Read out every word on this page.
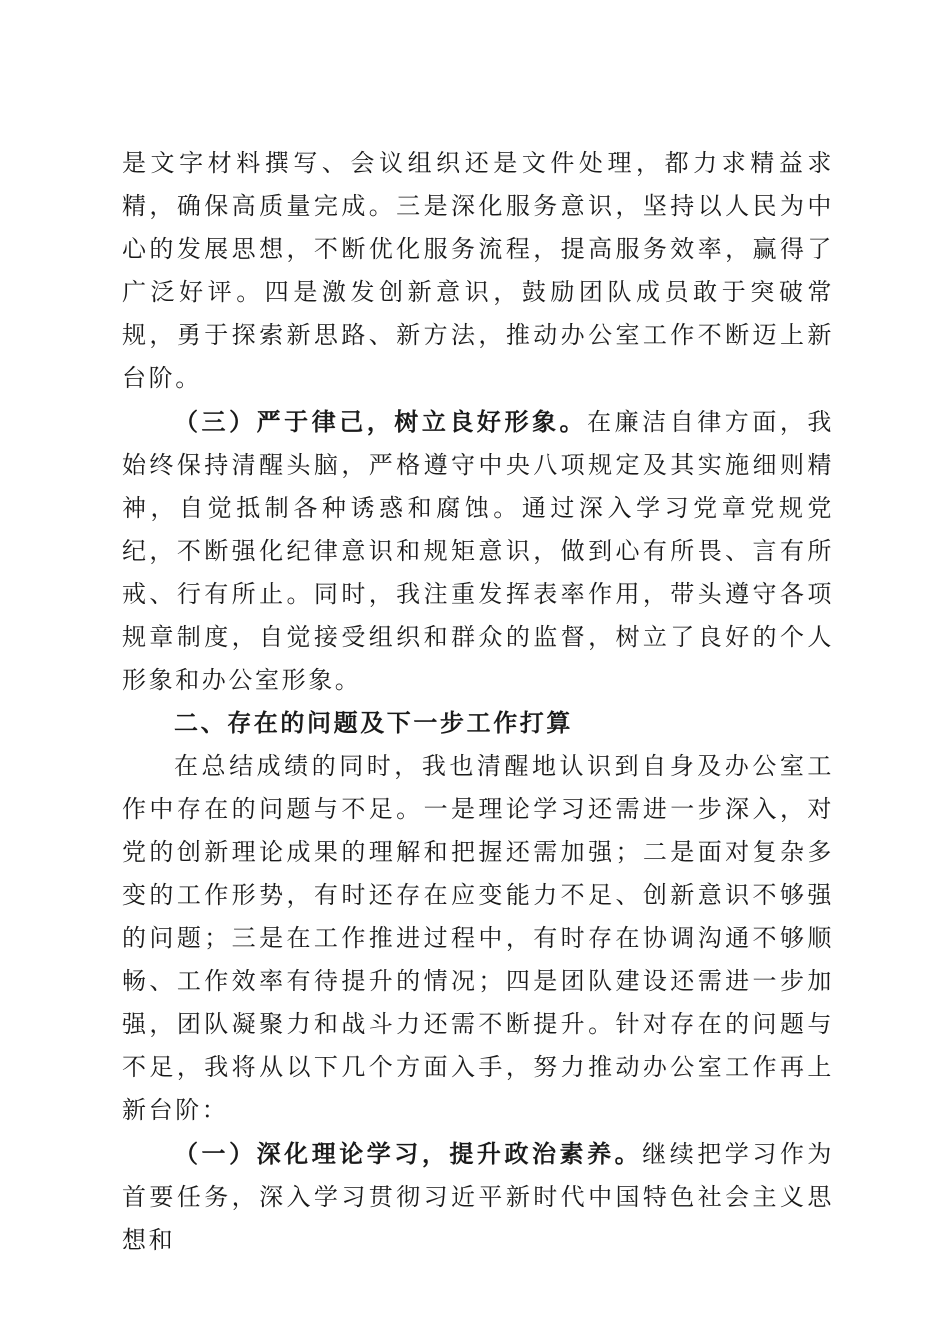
是文字材料撰写、会议组织还是文件处理，都力求精益求精，确保高质量完成。三是深化服务意识，坚持以人民为中心的发展思想，不断优化服务流程，提高服务效率，赢得了广泛好评。四是激发创新意识，鼓励团队成员敢于突破常规，勇于探索新思路、新方法，推动办公室工作不断迈上新台阶。

（三）严于律己，树立良好形象。在廉洁自律方面，我始终保持清醒头脑，严格遵守中央八项规定及其实施细则精神，自觉抵制各种诱惑和腐蚀。通过深入学习党章党规党纪，不断强化纪律意识和规矩意识，做到心有所畏、言有所戒、行有所止。同时，我注重发挥表率作用，带头遵守各项规章制度，自觉接受组织和群众的监督，树立了良好的个人形象和办公室形象。

二、存在的问题及下一步工作打算

在总结成绩的同时，我也清醒地认识到自身及办公室工作中存在的问题与不足。一是理论学习还需进一步深入，对党的创新理论成果的理解和把握还需加强；二是面对复杂多变的工作形势，有时还存在应变能力不足、创新意识不够强的问题；三是在工作推进过程中，有时存在协调沟通不够顺畅、工作效率有待提升的情况；四是团队建设还需进一步加强，团队凝聚力和战斗力还需不断提升。针对存在的问题与不足，我将从以下几个方面入手，努力推动办公室工作再上新台阶：

（一）深化理论学习，提升政治素养。继续把学习作为首要任务，深入学习贯彻习近平新时代中国特色社会主义思想和
